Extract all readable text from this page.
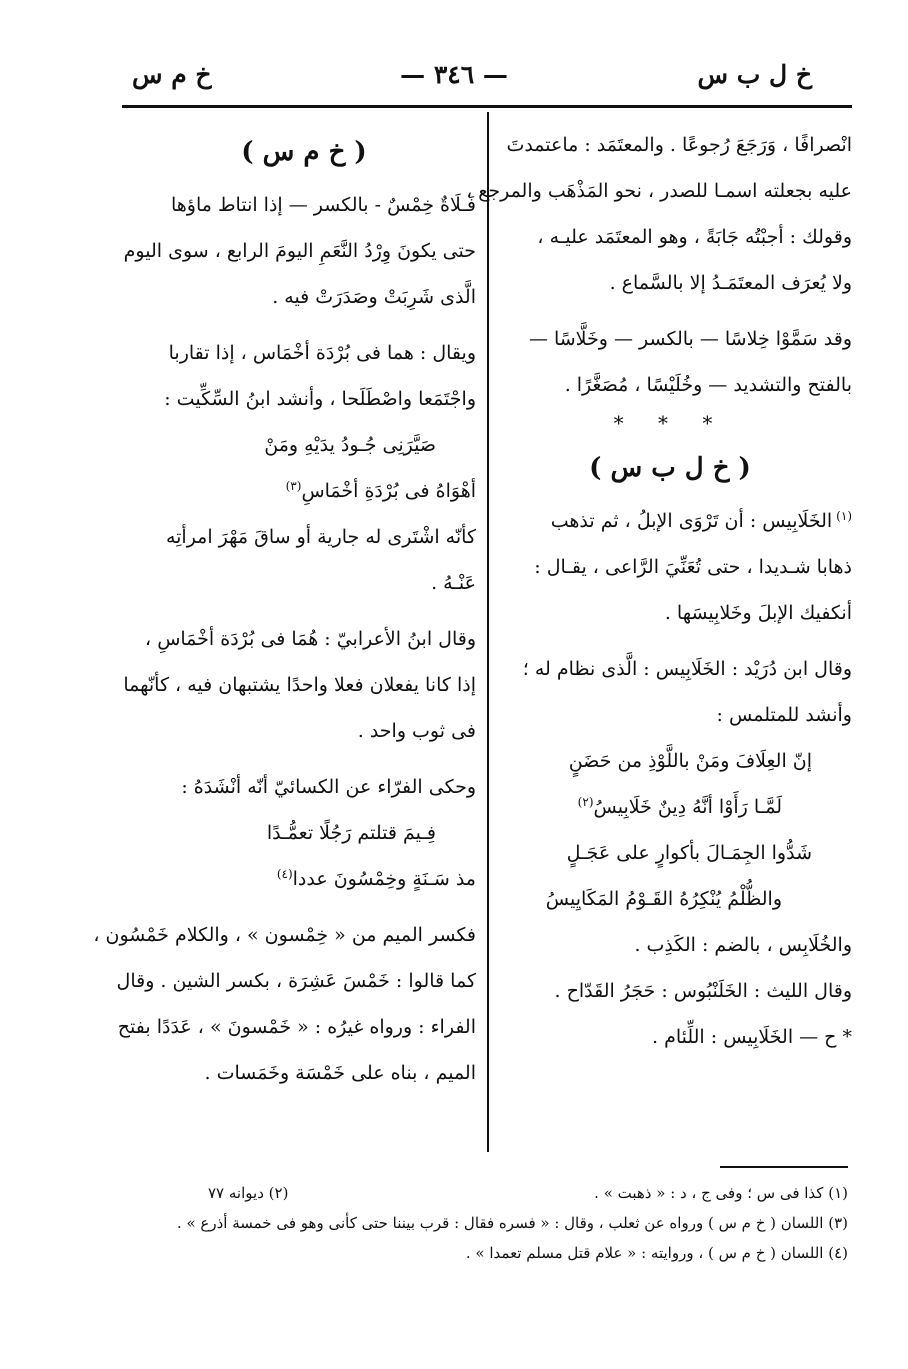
خ ل ب س
— ٣٤٦ —
خ م س
انْصرافًا ، وَرَجَعَ رُجوعًا . والمعتَمَد : ماعتمدتَ
عليه بجعلته اسمـا للصدر ، نحو المَذْهَب والمرجع ،
وقولك : أجبْتُه جَابَةً ، وهو المعتَمَد عليـه ،
ولا يُعرَف المعتَمَـدُ إلا بالسَّماع .
وقد سَمَّوْا خِلاسًا — بالكسر — وخَلَّاسًا —
بالفتح والتشديد — وخُلَيْسًا ، مُصَغَّرًا .
* * *
( خ ل ب س )
$^{(١)}$الخَلَابِيس : أن تَرْوَى الإبلُ ، ثم تذهب
ذهابا شـديدا ، حتى تُعَنِّيَ الرَّاعى ، يقـال :
أنكفيك الإبلَ وخَلابِيسَها .
وقال ابن دُرَيْد : الخَلَابِيس : الَّذى نظام له ؛
وأنشد للمتلمس :
إنّ العِلَافَ ومَنْ باللَّوْذِ من حَضَنٍ
لَمَّـا رَأَوْا أنَّهُ دِينٌ خَلَابِيسُ$^{(٢)}$
شَدُّوا الجِمَـالَ بأكوارٍ على عَجَـلٍ
والظُّلْمُ يُنْكِرُهُ القَـوْمُ المَكَايِيسُ
والخُلَابِس ، بالضم : الكَذِب .
وقال الليث : الخَلَنْبُوس : حَجَرُ القَدّاح .
* ح — الخَلَابِيس : اللِّئام .
( خ م س )
فَـلَاةٌ خِمْسٌ - بالكسر — إذا انتاط ماؤها
حتى يكونَ وِرْدُ النَّعَمِ اليومَ الرابع ، سوى اليوم
الَّذى شَرِبَتْ وصَدَرَتْ فيه .
ويقال : هما فى بُرْدَة أخْمَاس ، إذا تقاربا
واجْتَمَعا واصْطَلَحا ، وأنشد ابنُ السِّكِّيت :
صَيَّرَنِى جُـودُ يدَيْهِ ومَنْ
أهْوَاهُ فى بُرْدَةِ أخْمَاسِ$^{(٣)}$
كأنّه اشْتَرى له جارية أو ساقَ مَهْرَ امرأتِه
عَنْـهُ .
وقال ابنُ الأعرابيّ : هُمَا فى بُرْدَة أخْمَاسِ ،
إذا كانا يفعلان فعلا واحدًا يشتبهان فيه ، كأنّهما
فى ثوب واحد .
وحكى الفرّاء عن الكسائيّ أنّه أنْشَدَهُ :
فِـيمَ قتلتم رَجُلًا تعمُّـدًا
مذ سَـنَةٍ وخِمْسُونَ عددا$^{(٤)}$
فكسر الميم من « خِمْسون » ، والكلام خَمْسُون ،
كما قالوا : خَمْسَ عَشِرَة ، بكسر الشين . وقال
الفراء : ورواه غيرُه : « خَمْسونَ » ، عَدَدًا بفتح
الميم ، بناه على خَمْسَة وخَمَسات .
(١) كذا فى س ؛ وفى ج ، د : « ذهبت » .
(٢) ديوانه ٧٧
(٣) اللسان ( خ م س ) ورواه عن ثعلب ، وقال : « فسره فقال : قرب بيننا حتى كأنى وهو فى خمسة أذرع » .
(٤) اللسان ( خ م س ) ، وروايته : « علام قتل مسلم تعمدا » .
